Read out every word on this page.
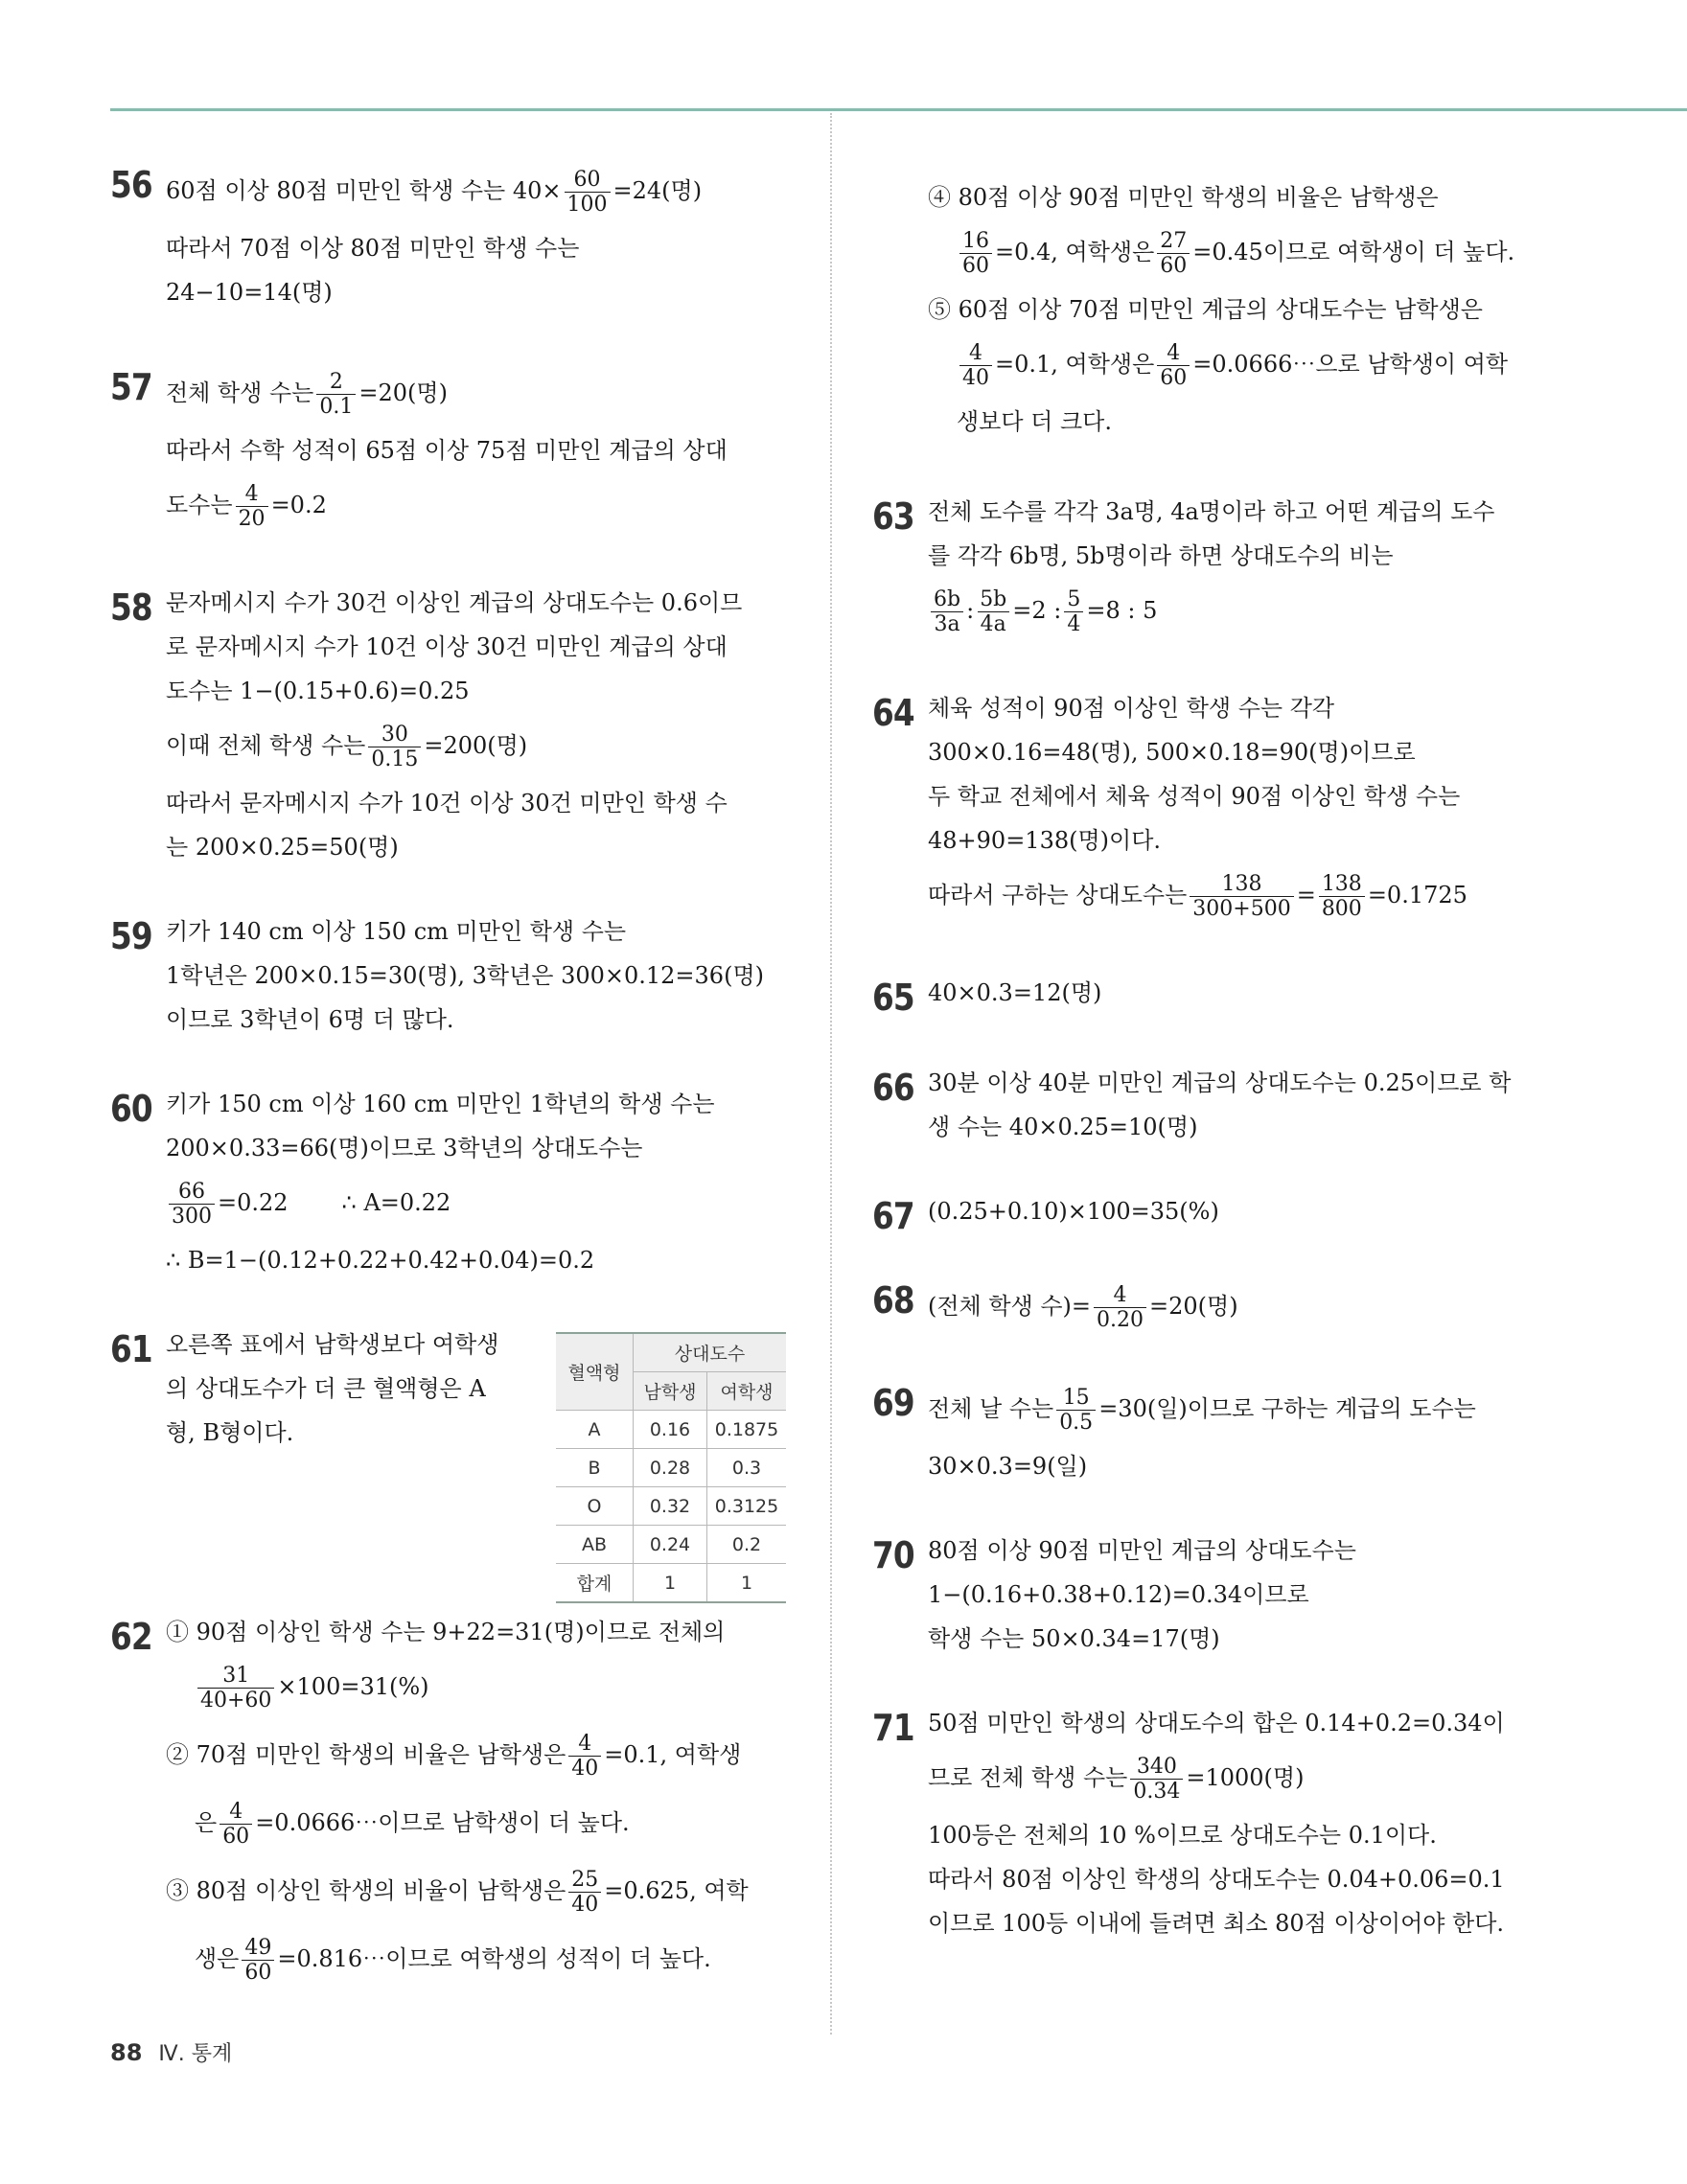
56 60점 이상 80점 미만인 학생 수는 $40\times \frac{60}{100} =24$(명)
따라서 70점 이상 80점 미만인 학생 수는
24−10=14(명)
57 전체 학생 수는 $\frac{2}{0.1} =20$(명)
따라서 수학 성적이 65점 이상 75점 미만인 계급의 상대
도수는 $\frac{4}{20} =0.2$
58 문자메시지 수가 30건 이상인 계급의 상대도수는 0.6이므
로 문자메시지 수가 10건 이상 30건 미만인 계급의 상대
도수는 1−(0.15+0.6)=0.25
이때 전체 학생 수는 $\frac{30}{0.15} =200$(명)
따라서 문자메시지 수가 10건 이상 30건 미만인 학생 수
는 200×0.25=50(명)
59 키가 140 cm 이상 150 cm 미만인 학생 수는
1학년은 200×0.15=30(명), 3학년은 300×0.12=36(명)
이므로 3학년이 6명 더 많다.
60 키가 150 cm 이상 160 cm 미만인 1학년의 학생 수는
200×0.33=66(명)이므로 3학년의 상대도수는
$\frac{66}{300} =0.22$ ∴ A=0.22
∴ B=1−(0.12+0.22+0.42+0.04)=0.2
61 오른쪽 표에서 남학생보다 여학생
의 상대도수가 더 큰 혈액형은 A
형, B형이다.
혈액형	상대도수	
	남학생	여학생
A	0.16	0.1875
B	0.28	0.3
O	0.32	0.3125
AB	0.24	0.2
합계	1	1
62 ① 90점 이상인 학생 수는 9+22=31(명)이므로 전체의
$\frac{31}{40+60} \times 100=31(\%)$
② 70점 미만인 학생의 비율은 남학생은 $\frac{4}{40} =0.1$, 여학생
은 $\frac{4}{60}$ =0.0666⋯이므로 남학생이 더 높다.
③ 80점 이상인 학생의 비율이 남학생은 $\frac{25}{40} =0.625$, 여학
생은 $\frac{49}{60}$ =0.816⋯이므로 여학생의 성적이 더 높다.
④ 80점 이상 90점 미만인 학생의 비율은 남학생은
$\frac{16}{60} =0.4$, 여학생은 $\frac{27}{60} =0.45$이므로 여학생이 더 높다.
⑤ 60점 이상 70점 미만인 계급의 상대도수는 남학생은
$\frac{4}{40} =0.1$, 여학생은 $\frac{4}{60}$ =0.0666⋯으로 남학생이 여학
생보다 더 크다.
63 전체 도수를 각각 3a명, 4a명이라 하고 어떤 계급의 도수
를 각각 6b명, 5b명이라 하면 상대도수의 비는
$\frac{6b}{3a}$ : $\frac{5b}{4a} =2$ : $\frac{5}{4} =8$ : 5
64 체육 성적이 90점 이상인 학생 수는 각각
300×0.16=48(명), 500×0.18=90(명)이므로
두 학교 전체에서 체육 성적이 90점 이상인 학생 수는
48+90=138(명)이다.
따라서 구하는 상대도수는 $\frac{138}{300+500} = \frac{138}{800} =0.1725$
65 40×0.3=12(명)
66 30분 이상 40분 미만인 계급의 상대도수는 0.25이므로 학
생 수는 40×0.25=10(명)
67 (0.25+0.10)×100=35(%)
68 (전체 학생 수)= $\frac{4}{0.20} =20$(명)
69 전체 날 수는 $\frac{15}{0.5} =30$(일)이므로 구하는 계급의 도수는
30×0.3=9(일)
70 80점 이상 90점 미만인 계급의 상대도수는
1−(0.16+0.38+0.12)=0.34이므로
학생 수는 50×0.34=17(명)
71 50점 미만인 학생의 상대도수의 합은 0.14+0.2=0.34이
므로 전체 학생 수는 $\frac{340}{0.34} =1000$(명)
100등은 전체의 10 %이므로 상대도수는 0.1이다.
따라서 80점 이상인 학생의 상대도수는 0.04+0.06=0.1
이므로 100등 이내에 들려면 최소 80점 이상이어야 한다.
88 Ⅳ. 통계
